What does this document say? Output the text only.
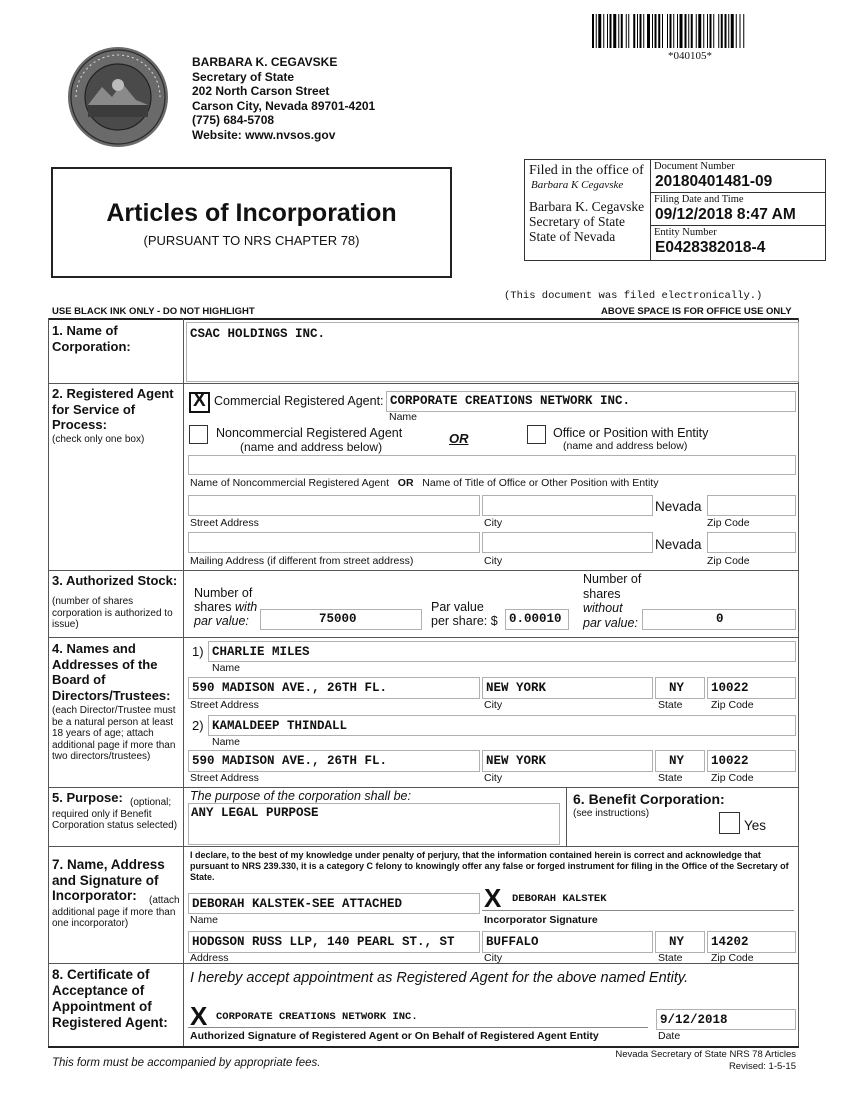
*040105*
BARBARA K. CEGAVSKE
Secretary of State
202 North Carson Street
Carson City, Nevada 89701-4201
(775) 684-5708
Website: www.nvsos.gov
Articles of Incorporation
(PURSUANT TO NRS CHAPTER 78)
Filed in the office of
Barbara K Cegavske
Barbara K. Cegavske
Secretary of State
State of Nevada
Document Number
20180401481-09
Filing Date and Time
09/12/2018 8:47 AM
Entity Number
E0428382018-4
(This document was filed electronically.)
USE BLACK INK ONLY - DO NOT HIGHLIGHT	ABOVE SPACE IS FOR OFFICE USE ONLY
1. Name of Corporation:
CSAC HOLDINGS INC.
2. Registered Agent for Service of Process:
(check only one box)
X Commercial Registered Agent: CORPORATE CREATIONS NETWORK INC.
Name
Noncommercial Registered Agent
(name and address below)
OR	Office or Position with Entity
(name and address below)
Name of Noncommercial Registered Agent OR Name of Title of Office or Other Position with Entity
Nevada
Street Address	City	Zip Code
Nevada
Mailing Address (if different from street address)	City	Zip Code
3. Authorized Stock:
(number of shares corporation is authorized to issue)
Number of
shares with
par value:	75000
Par value
per share: $ 0.00010
Number of
shares
without
par value:	0
4. Names and Addresses of the Board of Directors/Trustees:
(each Director/Trustee must be a natural person at least 18 years of age; attach additional page if more than two directors/trustees)
1) CHARLIE MILES
Name
590 MADISON AVE., 26TH FL.	NEW YORK	NY 10022
Street Address	City	State	Zip Code
2) KAMALDEEP THINDALL
Name
590 MADISON AVE., 26TH FL.	NEW YORK	NY 10022
Street Address	City	State	Zip Code
5. Purpose: (optional; required only if Benefit Corporation status selected)
The purpose of the corporation shall be:
ANY LEGAL PURPOSE
6. Benefit Corporation:
(see instructions)
Yes
7. Name, Address and Signature of Incorporator:	(attach additional page if more than one incorporator)
I declare, to the best of my knowledge under penalty of perjury, that the information contained herein is correct and acknowledge that pursuant to NRS 239.330, it is a category C felony to knowingly offer any false or forged instrument for filing in the Office of the Secretary of State.
DEBORAH KALSTEK-SEE ATTACHED	X DEBORAH KALSTEK
Name	Incorporator Signature
HODGSON RUSS LLP, 140 PEARL ST., ST	BUFFALO	NY 14202
Address	City	State	Zip Code
8. Certificate of Acceptance of Appointment of Registered Agent:
I hereby accept appointment as Registered Agent for the above named Entity.
X CORPORATE CREATIONS NETWORK INC.	9/12/2018
Authorized Signature of Registered Agent or On Behalf of Registered Agent Entity	Date
This form must be accompanied by appropriate fees.
Nevada Secretary of State NRS 78 Articles
Revised: 1-5-15
